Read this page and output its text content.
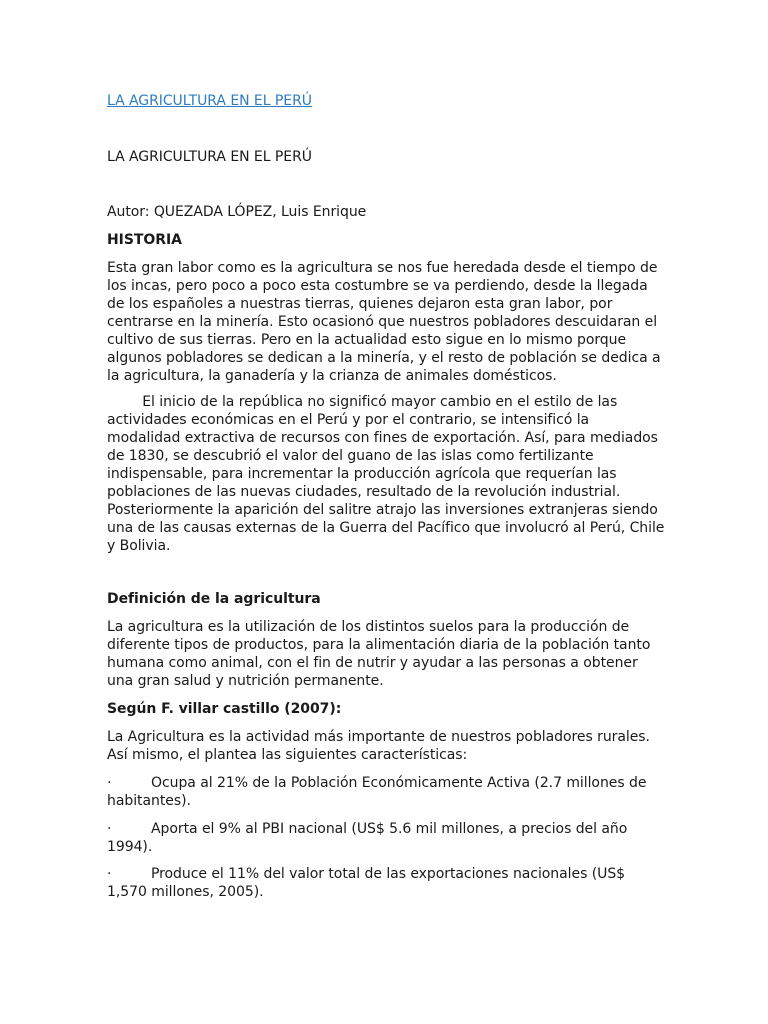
LA AGRICULTURA EN EL PERÚ
LA AGRICULTURA EN EL PERÚ
Autor: QUEZADA LÓPEZ, Luis Enrique
HISTORIA
Esta gran labor como es la agricultura se nos fue heredada desde el tiempo de
los incas, pero poco a poco esta costumbre se va perdiendo, desde la llegada
de los españoles a nuestras tierras, quienes dejaron esta gran labor, por
centrarse en la minería. Esto ocasionó que nuestros pobladores descuidaran el
cultivo de sus tierras. Pero en la actualidad esto sigue en lo mismo porque
algunos pobladores se dedican a la minería, y el resto de población se dedica a
la agricultura, la ganadería y la crianza de animales domésticos.
El inicio de la república no significó mayor cambio en el estilo de las
actividades económicas en el Perú y por el contrario, se intensificó la
modalidad extractiva de recursos con fines de exportación. Así, para mediados
de 1830, se descubrió el valor del guano de las islas como fertilizante
indispensable, para incrementar la producción agrícola que requerían las
poblaciones de las nuevas ciudades, resultado de la revolución industrial.
Posteriormente la aparición del salitre atrajo las inversiones extranjeras siendo
una de las causas externas de la Guerra del Pacífico que involucró al Perú, Chile
y Bolivia.
Definición de la agricultura
La agricultura es la utilización de los distintos suelos para la producción de
diferente tipos de productos, para la alimentación diaria de la población tanto
humana como animal, con el fin de nutrir y ayudar a las personas a obtener
una gran salud y nutrición permanente.
Según F. villar castillo (2007):
La Agricultura es la actividad más importante de nuestros pobladores rurales.
Así mismo, el plantea las siguientes características:
·	Ocupa al 21% de la Población Económicamente Activa (2.7 millones de
habitantes).
·	Aporta el 9% al PBI nacional (US$ 5.6 mil millones, a precios del año
1994).
·	Produce el 11% del valor total de las exportaciones nacionales (US$
1,570 millones, 2005).
